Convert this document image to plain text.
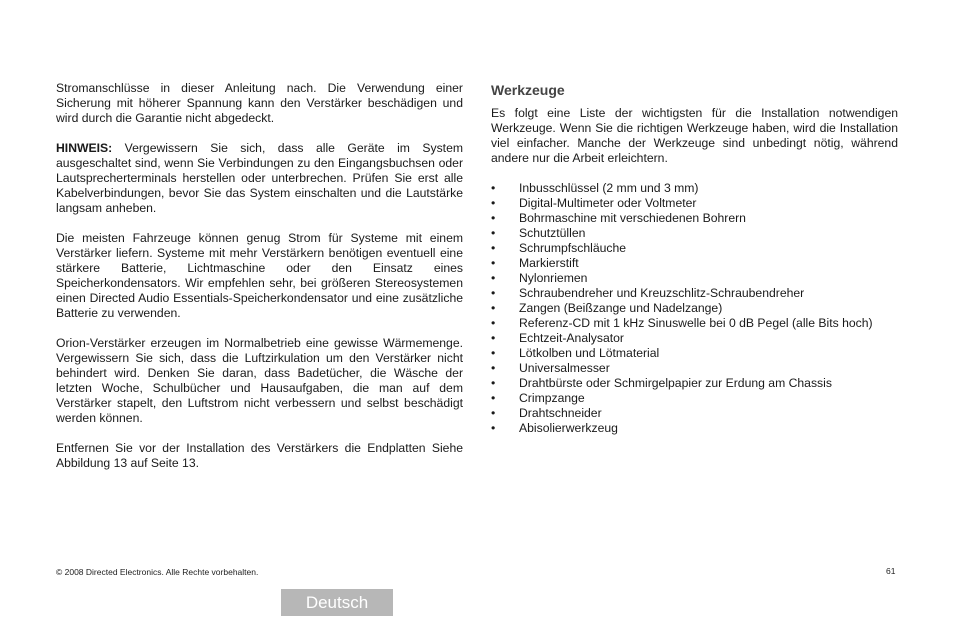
Stromanschlüsse in dieser Anleitung nach. Die Verwendung einer Sicherung mit höherer Spannung kann den Verstärker beschädigen und wird durch die Garantie nicht abgedeckt.

HINWEIS: Vergewissern Sie sich, dass alle Geräte im System ausgeschaltet sind, wenn Sie Verbindungen zu den Eingangsbuchsen oder Lautsprecherterminals herstellen oder unterbrechen. Prüfen Sie erst alle Kabelverbindungen, bevor Sie das System einschalten und die Lautstärke langsam anheben.

Die meisten Fahrzeuge können genug Strom für Systeme mit einem Verstärker liefern. Systeme mit mehr Verstärkern benötigen eventuell eine stärkere Batterie, Lichtmaschine oder den Einsatz eines Speicherkondensators. Wir empfehlen sehr, bei größeren Stereosystemen einen Directed Audio Essentials-Speicherkondensator und eine zusätzliche Batterie zu verwenden.

Orion-Verstärker erzeugen im Normalbetrieb eine gewisse Wärmemenge. Vergewissern Sie sich, dass die Luftzirkulation um den Verstärker nicht behindert wird. Denken Sie daran, dass Badetücher, die Wäsche der letzten Woche, Schulbücher und Hausaufgaben, die man auf dem Verstärker stapelt, den Luftstrom nicht verbessern und selbst beschädigt werden können.

Entfernen Sie vor der Installation des Verstärkers die Endplatten Siehe Abbildung 13 auf Seite 13.

Werkzeuge

Es folgt eine Liste der wichtigsten für die Installation notwendigen Werkzeuge. Wenn Sie die richtigen Werkzeuge haben, wird die Installation viel einfacher. Manche der Werkzeuge sind unbedingt nötig, während andere nur die Arbeit erleichtern.

• Inbusschlüssel (2 mm und 3 mm)
• Digital-Multimeter oder Voltmeter
• Bohrmaschine mit verschiedenen Bohrern
• Schutztüllen
• Schrumpfschläuche
• Markierstift
• Nylonriemen
• Schraubendreher und Kreuzschlitz-Schraubendreher
• Zangen (Beißzange und Nadelzange)
• Referenz-CD mit 1 kHz Sinuswelle bei 0 dB Pegel (alle Bits hoch)
• Echtzeit-Analysator
• Lötkolben und Lötmaterial
• Universalmesser
• Drahtbürste oder Schmirgelpapier zur Erdung am Chassis
• Crimpzange
• Drahtschneider
• Abisolierwerkzeug
© 2008 Directed Electronics. Alle Rechte vorbehalten.	61
Deutsch
